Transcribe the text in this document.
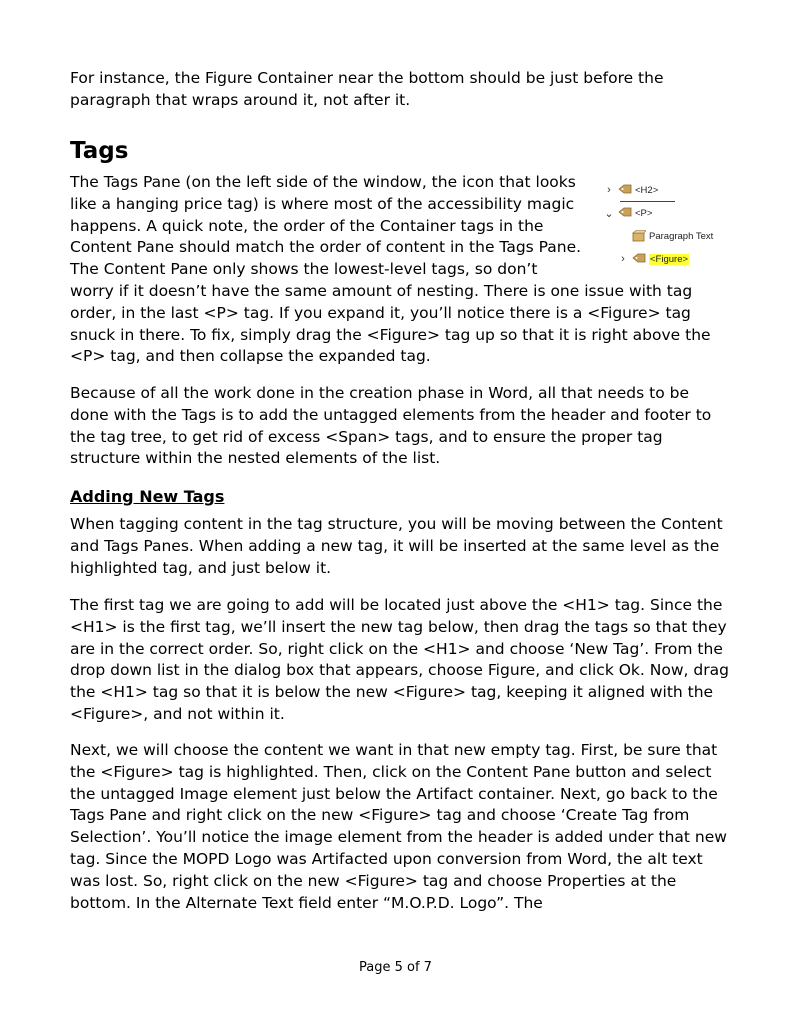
For instance, the Figure Container near the bottom should be just before the paragraph that wraps around it, not after it.

Tags
The Tags Pane (on the left side of the window, the icon that looks like a hanging price tag) is where most of the accessibility magic happens. A quick note, the order of the Container tags in the Content Pane should match the order of content in the Tags Pane. The Content Pane only shows the lowest-level tags, so don’t worry if it doesn’t have the same amount of nesting. There is one issue with tag order, in the last <P> tag. If you expand it, you’ll notice there is a <Figure> tag snuck in there. To fix, simply drag the <Figure> tag up so that it is right above the <P> tag, and then collapse the expanded tag.

Because of all the work done in the creation phase in Word, all that needs to be done with the Tags is to add the untagged elements from the header and footer to the tag tree, to get rid of excess <Span> tags, and to ensure the proper tag structure within the nested elements of the list.

Adding New Tags

When tagging content in the tag structure, you will be moving between the Content and Tags Panes. When adding a new tag, it will be inserted at the same level as the highlighted tag, and just below it.

The first tag we are going to add will be located just above the <H1> tag. Since the <H1> is the first tag, we’ll insert the new tag below, then drag the tags so that they are in the correct order. So, right click on the <H1> and choose ‘New Tag’. From the drop down list in the dialog box that appears, choose Figure, and click Ok. Now, drag the <H1> tag so that it is below the new <Figure> tag, keeping it aligned with the <Figure>, and not within it.

Next, we will choose the content we want in that new empty tag. First, be sure that the <Figure> tag is highlighted. Then, click on the Content Pane button and select the untagged Image element just below the Artifact container. Next, go back to the Tags Pane and right click on the new <Figure> tag and choose ‘Create Tag from Selection’. You’ll notice the image element from the header is added under that new tag. Since the MOPD Logo was Artifacted upon conversion from Word, the alt text was lost. So, right click on the new <Figure> tag and choose Properties at the bottom. In the Alternate Text field enter “M.O.P.D. Logo”. The

›	<H2>
⌄ <P>
Paragraph Text
›	<Figure>
Page 5 of 7
